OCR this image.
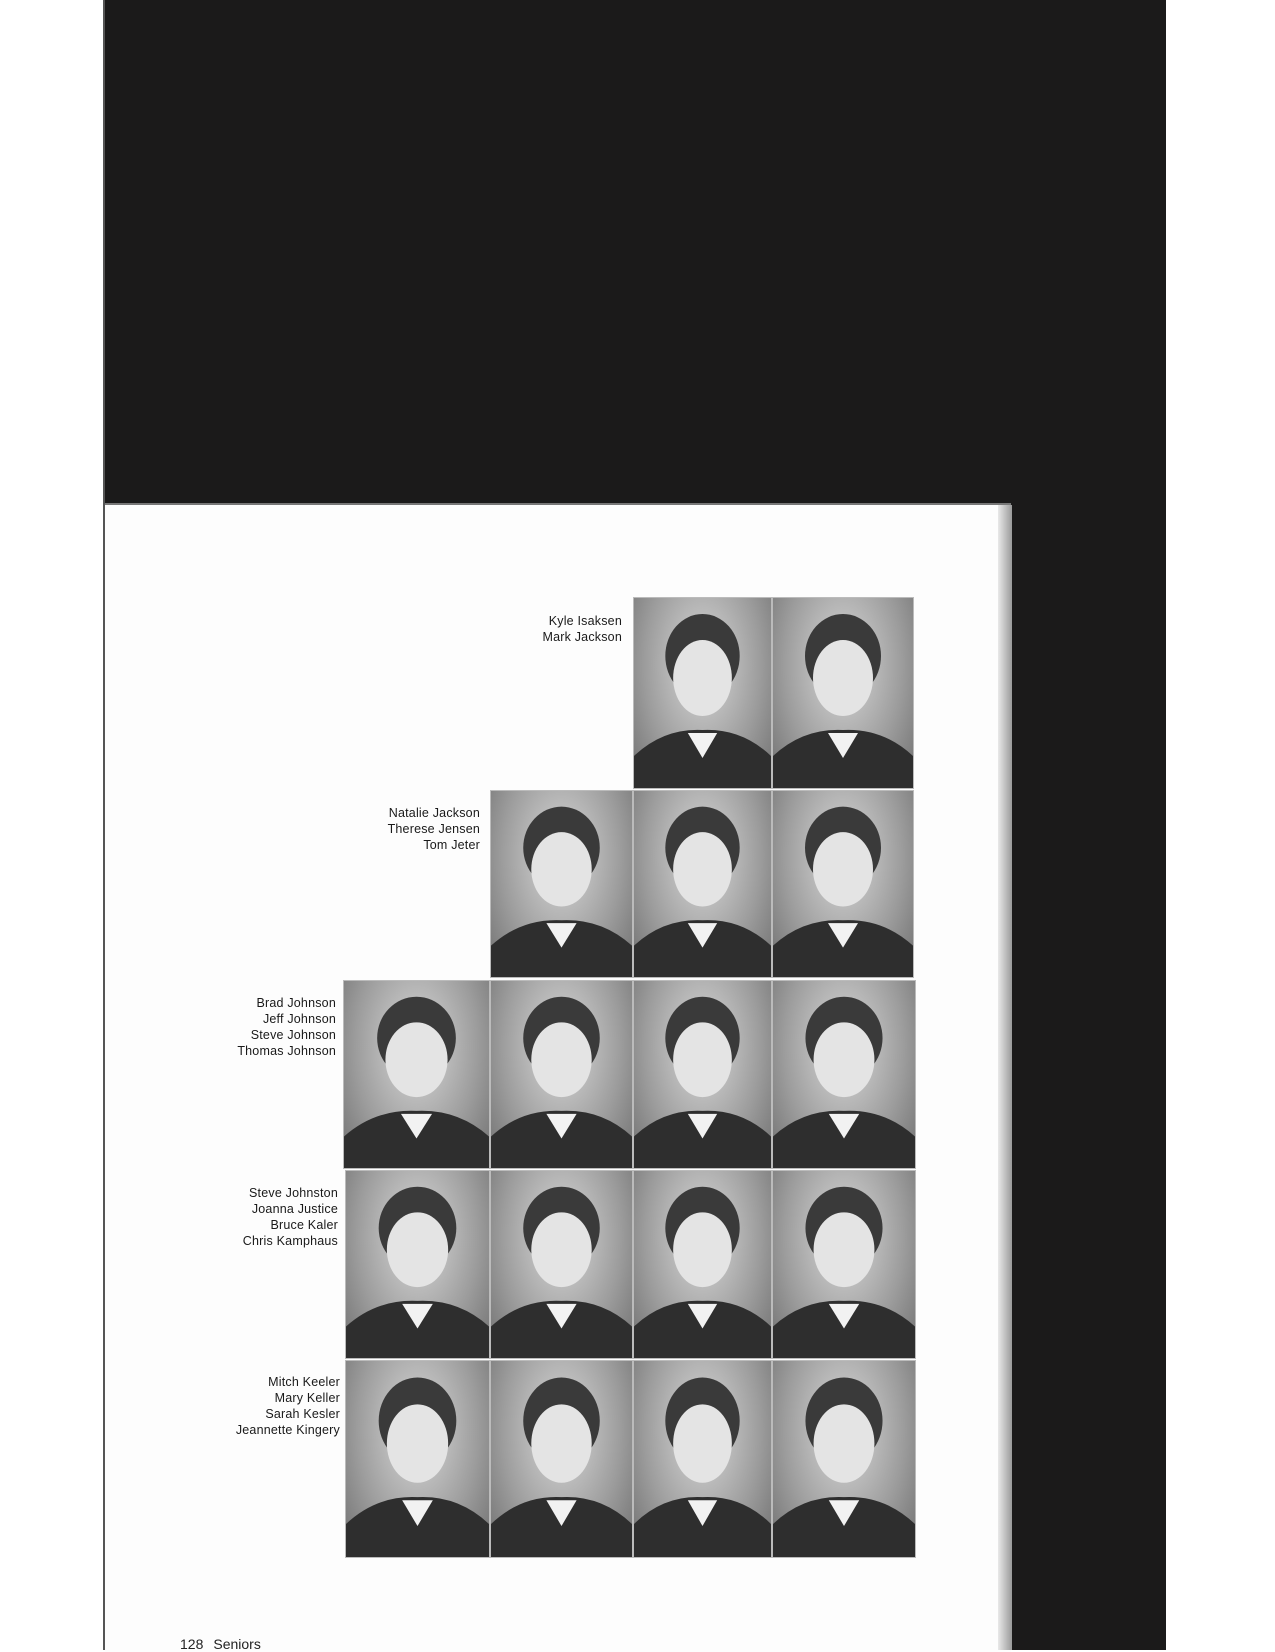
Kyle Isaksen
Mark Jackson
Natalie Jackson
Therese Jensen
Tom Jeter
Brad Johnson
Jeff Johnson
Steve Johnson
Thomas Johnson
Steve Johnston
Joanna Justice
Bruce Kaler
Chris Kamphaus
Mitch Keeler
Mary Keller
Sarah Kesler
Jeannette Kingery
128 Seniors
